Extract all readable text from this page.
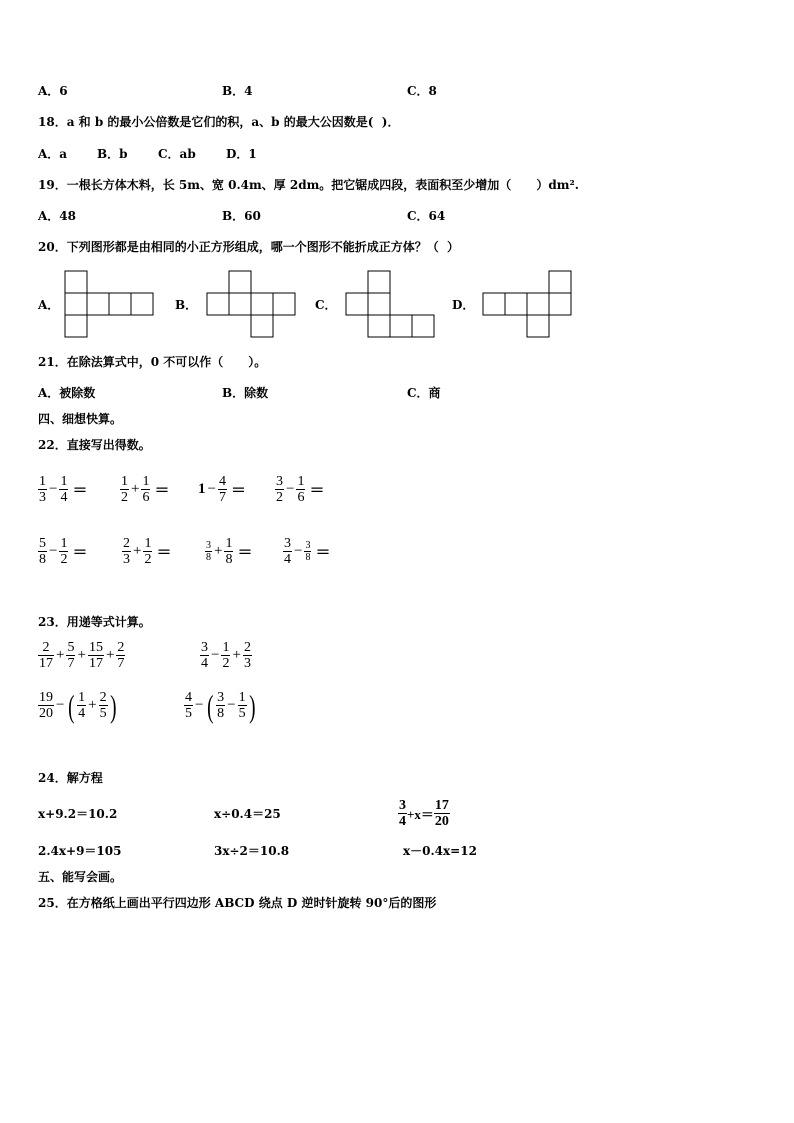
A．6	B．4	C．8
18．a 和 b 的最小公倍数是它们的积，a、b 的最大公因数是(  )．
A．a B．b	C．ab	D．1
19．一根长方体木料，长 5m、宽 0.4m、厚 2dm。把它锯成四段，表面积至少增加（      ）dm².
A．48	B．60	C．64
20．下列图形都是由相同的小正方形组成，哪一个图形不能折成正方体？（  ）
A．	B．	C．	D．
21．在除法算式中，0 不可以作（      ）。
A．被除数	B．除数	C．商
四、细想快算。
22．直接写出得数。
$\frac{1}{3} - \frac{1}{4} = \frac{1}{2} + \frac{1}{6} = 1 - \frac{4}{7} = \frac{3}{2} - \frac{1}{6}$ ＝
$\frac{5}{8} - \frac{1}{2} = \frac{2}{3} + \frac{1}{2}$ ＝	$\frac{3}{8} + \frac{1}{8} = \frac{3}{4} - \frac{3}{8}$ ＝
23．用递等式计算。
$\frac{2}{17} + \frac{5}{7} + \frac{15}{17} + \frac{2}{7}$	$\frac{3}{4} - \frac{1}{2} + \frac{2}{3}$
$\frac{19}{20}$ − ( $\frac{1}{4} + \frac{2}{5}$ )	$\frac{4}{5}$ − ( $\frac{3}{8} - \frac{1}{5}$ )
24．解方程
x+9.2＝10.2	x÷0.4＝25	$\frac{3}{4} +x= \frac{17}{20}$
2.4x+9＝105	3x÷2＝10.8	x－0.4x=12
五、能写会画。
25．在方格纸上画出平行四边形 ABCD 绕点 D 逆时针旋转 90°后的图形
